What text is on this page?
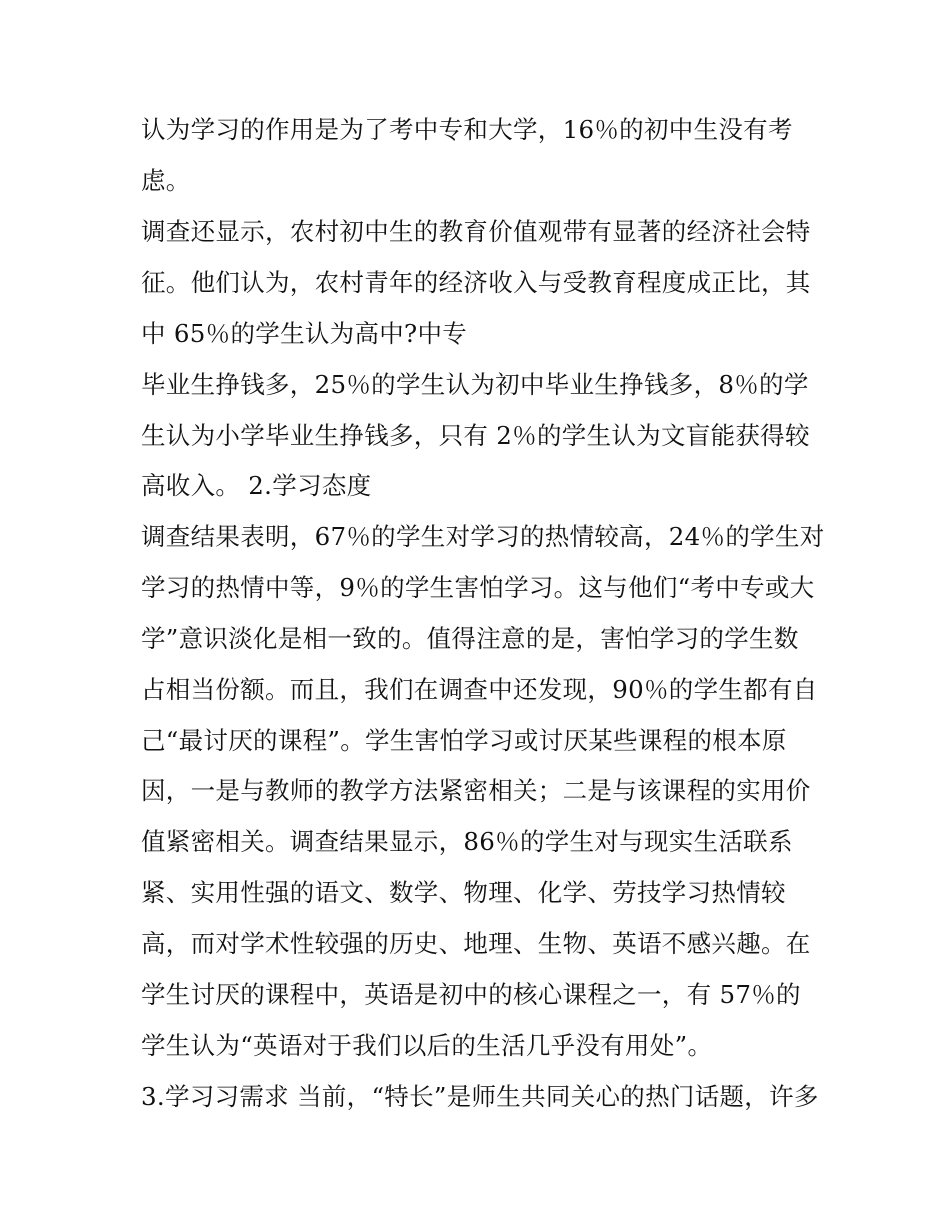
认为学习的作用是为了考中专和大学，16％的初中生没有考
虑。
调查还显示，农村初中生的教育价值观带有显著的经济社会特
征。他们认为，农村青年的经济收入与受教育程度成正比，其
中 65％的学生认为高中?中专
毕业生挣钱多，25％的学生认为初中毕业生挣钱多，8％的学
生认为小学毕业生挣钱多，只有 2％的学生认为文盲能获得较
高收入。 2.学习态度
调查结果表明，67％的学生对学习的热情较高，24％的学生对
学习的热情中等，9％的学生害怕学习。这与他们“考中专或大
学”意识淡化是相一致的。值得注意的是，害怕学习的学生数
占相当份额。而且，我们在调查中还发现，90％的学生都有自
己“最讨厌的课程”。学生害怕学习或讨厌某些课程的根本原
因，一是与教师的教学方法紧密相关；二是与该课程的实用价
值紧密相关。调查结果显示，86％的学生对与现实生活联系
紧、实用性强的语文、数学、物理、化学、劳技学习热情较
高，而对学术性较强的历史、地理、生物、英语不感兴趣。在
学生讨厌的课程中，英语是初中的核心课程之一，有 57％的
学生认为“英语对于我们以后的生活几乎没有用处”。
3.学习习需求 当前，“特长”是师生共同关心的热门话题，许多
